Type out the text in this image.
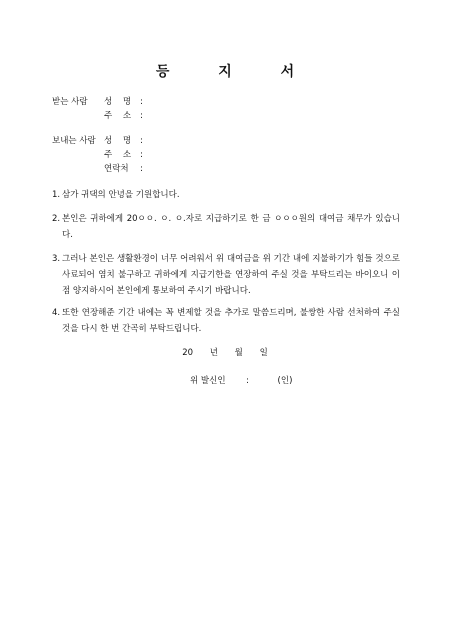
등 지 서
받는 사람 성 명 :
주 소 :
보내는 사람 성 명 :
주 소 :
연락처 :
1. 삼가 귀댁의 안녕을 기원합니다.
2. 본인은 귀하에게 20ㅇㅇ. ㅇ. ㅇ.자로 지급하기로 한 금 ㅇㅇㅇ원의 대여금 채무가 있습니다.
3. 그러나 본인은 생활환경이 너무 어려워서 위 대여금을 위 기간 내에 지불하기가 힘들 것으로 사료되어 염치 불구하고 귀하에게 지급기한을 연장하여 주실 것을 부탁드리는 바이오니 이점 양지하시어 본인에게 통보하여 주시기 바랍니다.
4. 또한 연장해준 기간 내에는 꼭 변제할 것을 추가로 말씀드리며, 불쌍한 사람 선처하여 주실 것을 다시 한 번 간곡히 부탁드립니다.
20 년 월 일
위 발신인 :	(인)
